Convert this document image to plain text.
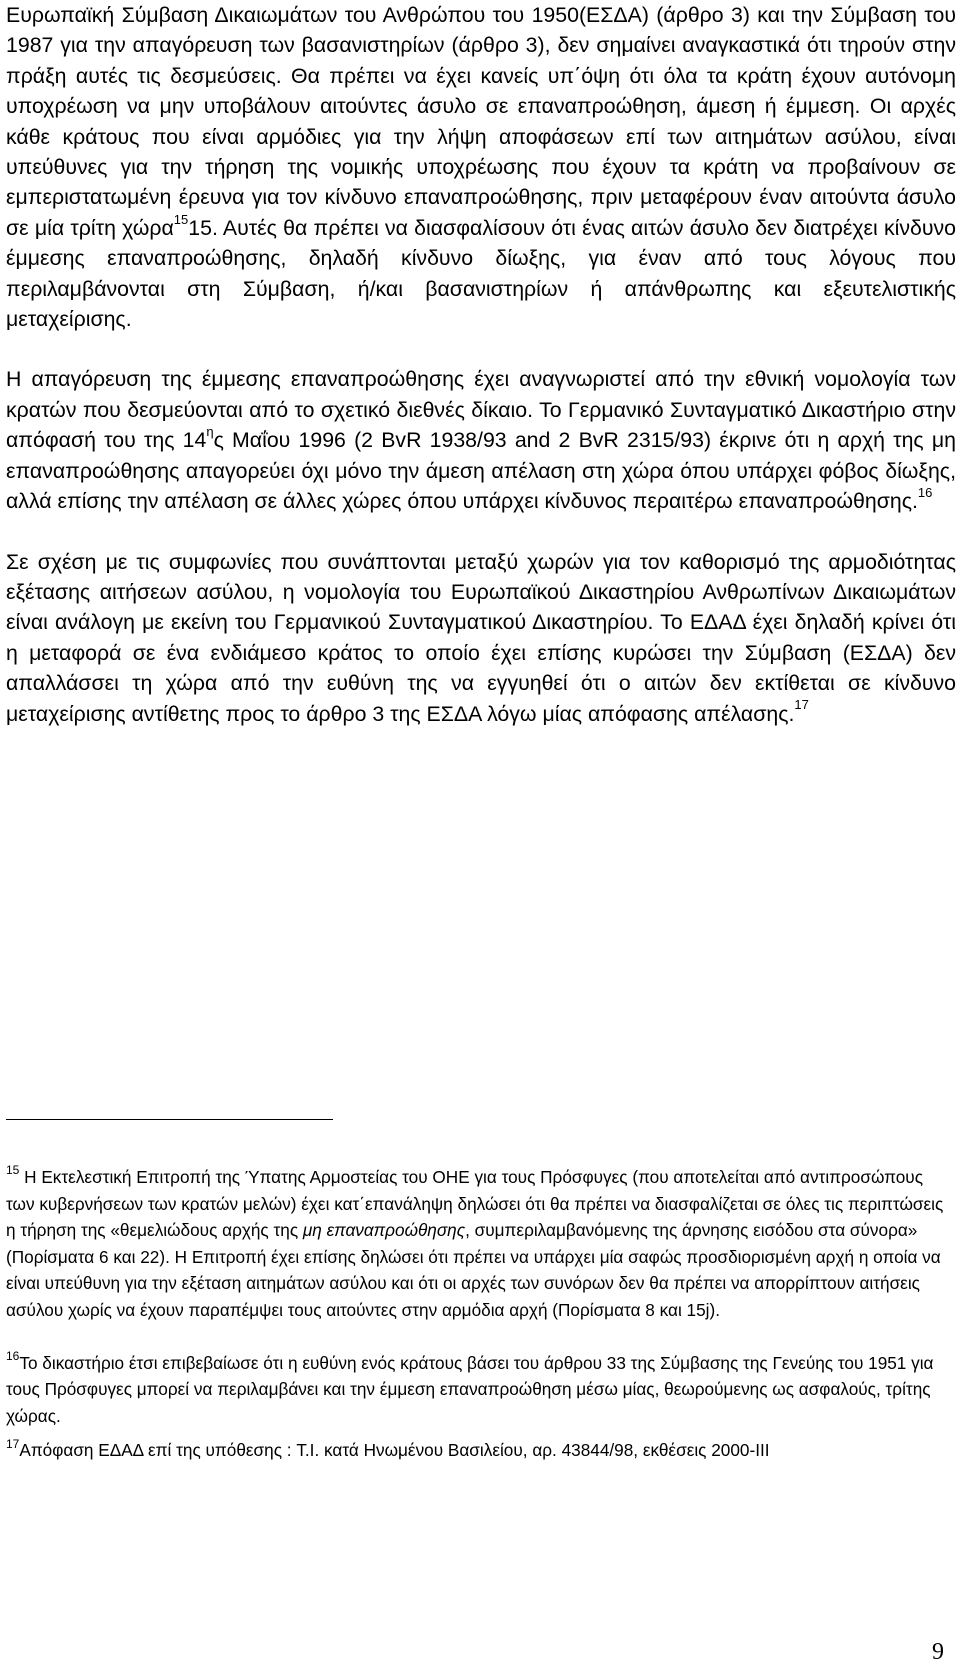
Ευρωπαϊκή Σύμβαση Δικαιωμάτων του Ανθρώπου του 1950(ΕΣΔΑ) (άρθρο 3) και την Σύμβαση του 1987 για την απαγόρευση των βασανιστηρίων (άρθρο 3), δεν σημαίνει αναγκαστικά ότι τηρούν στην πράξη αυτές τις δεσμεύσεις. Θα πρέπει να έχει κανείς υπ΄όψη ότι όλα τα κράτη έχουν αυτόνομη υποχρέωση να μην υποβάλουν αιτούντες άσυλο σε επαναπροώθηση, άμεση ή έμμεση. Οι αρχές κάθε κράτους που είναι αρμόδιες για την λήψη αποφάσεων επί των αιτημάτων ασύλου, είναι υπεύθυνες για την τήρηση της νομικής υποχρέωσης που έχουν τα κράτη να προβαίνουν σε εμπεριστατωμένη έρευνα για τον κίνδυνο επαναπροώθησης, πριν μεταφέρουν έναν αιτούντα άσυλο σε μία τρίτη χώρα$^{15}$15. Αυτές θα πρέπει να διασφαλίσουν ότι ένας αιτών άσυλο δεν διατρέχει κίνδυνο έμμεσης επαναπροώθησης, δηλαδή κίνδυνο δίωξης, για έναν από τους λόγους που περιλαμβάνονται στη Σύμβαση, ή/και βασανιστηρίων ή απάνθρωπης και εξευτελιστικής μεταχείρισης.

Η απαγόρευση της έμμεσης επαναπροώθησης έχει αναγνωριστεί από την εθνική νομολογία των κρατών που δεσμεύονται από το σχετικό διεθνές δίκαιο. Το Γερμανικό Συνταγματικό Δικαστήριο στην απόφασή του της $14^\eta\varsigma$ Μαΐου 1996 (2 BvR 1938/93 and 2 BvR 2315/93) έκρινε ότι η αρχή της μη επαναπροώθησης απαγορεύει όχι μόνο την άμεση απέλαση στη χώρα όπου υπάρχει φόβος δίωξης, αλλά επίσης την απέλαση σε άλλες χώρες όπου υπάρχει κίνδυνος περαιτέρω επαναπροώθησης.$^{16}$

Σε σχέση με τις συμφωνίες που συνάπτονται μεταξύ χωρών για τον καθορισμό της αρμοδιότητας εξέτασης αιτήσεων ασύλου, η νομολογία του Ευρωπαϊκού Δικαστηρίου Ανθρωπίνων Δικαιωμάτων είναι ανάλογη με εκείνη του Γερμανικού Συνταγματικού Δικαστηρίου. Το ΕΔΑΔ έχει δηλαδή κρίνει ότι η μεταφορά σε ένα ενδιάμεσο κράτος το οποίο έχει επίσης κυρώσει την Σύμβαση (ΕΣΔΑ) δεν απαλλάσσει τη χώρα από την ευθύνη της να εγγυηθεί ότι ο αιτών δεν εκτίθεται σε κίνδυνο μεταχείρισης αντίθετης προς το άρθρο 3 της ΕΣΔΑ λόγω μίας απόφασης απέλασης.$^{17}$

$^{15}$ Η Εκτελεστική Επιτροπή της Ύπατης Αρμοστείας του ΟΗΕ για τους Πρόσφυγες (που αποτελείται από αντιπροσώπους των κυβερνήσεων των κρατών μελών) έχει κατ΄επανάληψη δηλώσει ότι θα πρέπει να διασφαλίζεται σε όλες τις περιπτώσεις η τήρηση της «θεμελιώδους αρχής της μη επαναπροώθησης, συμπεριλαμβανόμενης της άρνησης εισόδου στα σύνορα» (Πορίσματα 6 και 22). Η Επιτροπή έχει επίσης δηλώσει ότι πρέπει να υπάρχει μία σαφώς προσδιορισμένη αρχή η οποία να είναι υπεύθυνη για την εξέταση αιτημάτων ασύλου και ότι οι αρχές των συνόρων δεν θα πρέπει να απορρίπτουν αιτήσεις ασύλου χωρίς να έχουν παραπέμψει τους αιτούντες στην αρμόδια αρχή (Πορίσματα 8 και 15j).

$^{16}$Το δικαστήριο έτσι επιβεβαίωσε ότι η ευθύνη ενός κράτους βάσει του άρθρου 33 της Σύμβασης της Γενεύης του 1951 για τους Πρόσφυγες μπορεί να περιλαμβάνει και την έμμεση επαναπροώθηση μέσω μίας, θεωρούμενης ως ασφαλούς, τρίτης χώρας.

$^{17}$Απόφαση ΕΔΑΔ επί της υπόθεσης : T.I. κατά Ηνωμένου Βασιλείου, αρ. 43844/98, εκθέσεις 2000-III

9
